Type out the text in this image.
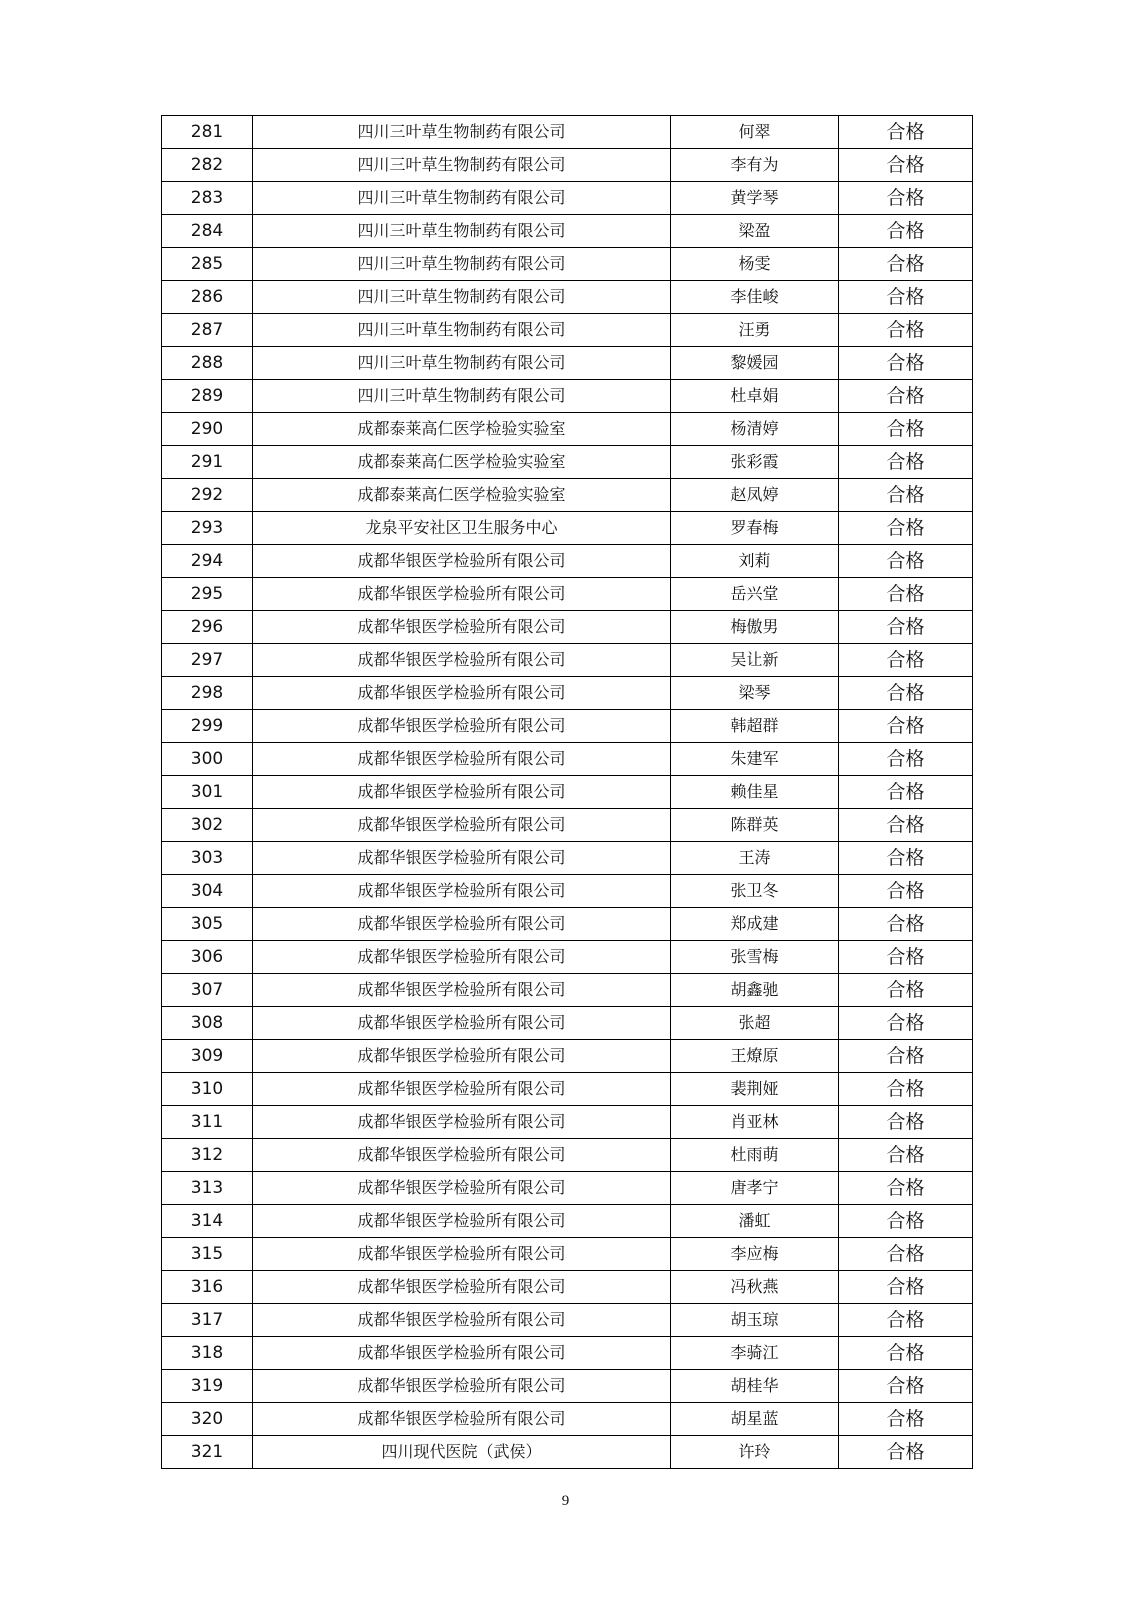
281	四川三叶草生物制药有限公司	何翠	合格
282	四川三叶草生物制药有限公司	李有为	合格
283	四川三叶草生物制药有限公司	黄学琴	合格
284	四川三叶草生物制药有限公司	梁盈	合格
285	四川三叶草生物制药有限公司	杨雯	合格
286	四川三叶草生物制药有限公司	李佳峻	合格
287	四川三叶草生物制药有限公司	汪勇	合格
288	四川三叶草生物制药有限公司	黎媛园	合格
289	四川三叶草生物制药有限公司	杜卓娟	合格
290	成都泰莱高仁医学检验实验室	杨清婷	合格
291	成都泰莱高仁医学检验实验室	张彩霞	合格
292	成都泰莱高仁医学检验实验室	赵凤婷	合格
293	龙泉平安社区卫生服务中心	罗春梅	合格
294	成都华银医学检验所有限公司	刘莉	合格
295	成都华银医学检验所有限公司	岳兴堂	合格
296	成都华银医学检验所有限公司	梅傲男	合格
297	成都华银医学检验所有限公司	吴让新	合格
298	成都华银医学检验所有限公司	梁琴	合格
299	成都华银医学检验所有限公司	韩超群	合格
300	成都华银医学检验所有限公司	朱建军	合格
301	成都华银医学检验所有限公司	赖佳星	合格
302	成都华银医学检验所有限公司	陈群英	合格
303	成都华银医学检验所有限公司	王涛	合格
304	成都华银医学检验所有限公司	张卫冬	合格
305	成都华银医学检验所有限公司	郑成建	合格
306	成都华银医学检验所有限公司	张雪梅	合格
307	成都华银医学检验所有限公司	胡鑫驰	合格
308	成都华银医学检验所有限公司	张超	合格
309	成都华银医学检验所有限公司	王燎原	合格
310	成都华银医学检验所有限公司	裴荆娅	合格
311	成都华银医学检验所有限公司	肖亚林	合格
312	成都华银医学检验所有限公司	杜雨萌	合格
313	成都华银医学检验所有限公司	唐孝宁	合格
314	成都华银医学检验所有限公司	潘虹	合格
315	成都华银医学检验所有限公司	李应梅	合格
316	成都华银医学检验所有限公司	冯秋燕	合格
317	成都华银医学检验所有限公司	胡玉琼	合格
318	成都华银医学检验所有限公司	李骑江	合格
319	成都华银医学检验所有限公司	胡桂华	合格
320	成都华银医学检验所有限公司	胡星蓝	合格
321	四川现代医院（武侯）	许玲	合格
9
